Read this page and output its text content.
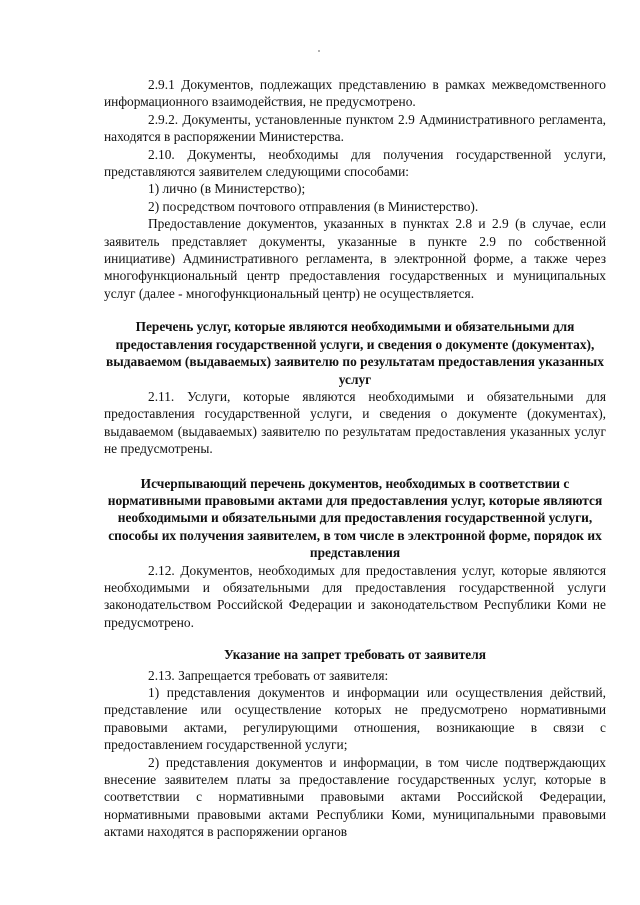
2.9.1 Документов, подлежащих представлению в рамках межведомственного информационного взаимодействия, не предусмотрено.

2.9.2. Документы, установленные пунктом 2.9 Административного регламента, находятся в распоряжении Министерства.

2.10. Документы, необходимы для получения государственной услуги, представляются заявителем следующими способами:

1) лично (в Министерство);

2) посредством почтового отправления (в Министерство).

Предоставление документов, указанных в пунктах 2.8 и 2.9 (в случае, если заявитель представляет документы, указанные в пункте 2.9 по собственной инициативе) Административного регламента, в электронной форме, а также через многофункциональный центр предоставления государственных и муниципальных услуг (далее - многофункциональный центр) не осуществляется.

Перечень услуг, которые являются необходимыми и обязательными для предоставления государственной услуги, и сведения о документе (документах), выдаваемом (выдаваемых) заявителю по результатам предоставления указанных услуг

2.11. Услуги, которые являются необходимыми и обязательными для предоставления государственной услуги, и сведения о документе (документах), выдаваемом (выдаваемых) заявителю по результатам предоставления указанных услуг не предусмотрены.

Исчерпывающий перечень документов, необходимых в соответствии с нормативными правовыми актами для предоставления услуг, которые являются необходимыми и обязательными для предоставления государственной услуги, способы их получения заявителем, в том числе в электронной форме, порядок их представления

2.12. Документов, необходимых для предоставления услуг, которые являются необходимыми и обязательными для предоставления государственной услуги законодательством Российской Федерации и законодательством Республики Коми не предусмотрено.

Указание на запрет требовать от заявителя

2.13. Запрещается требовать от заявителя:

1) представления документов и информации или осуществления действий, представление или осуществление которых не предусмотрено нормативными правовыми актами, регулирующими отношения, возникающие в связи с предоставлением государственной услуги;

2) представления документов и информации, в том числе подтверждающих внесение заявителем платы за предоставление государственных услуг, которые в соответствии с нормативными правовыми актами Российской Федерации, нормативными правовыми актами Республики Коми, муниципальными правовыми актами находятся в распоряжении органов
